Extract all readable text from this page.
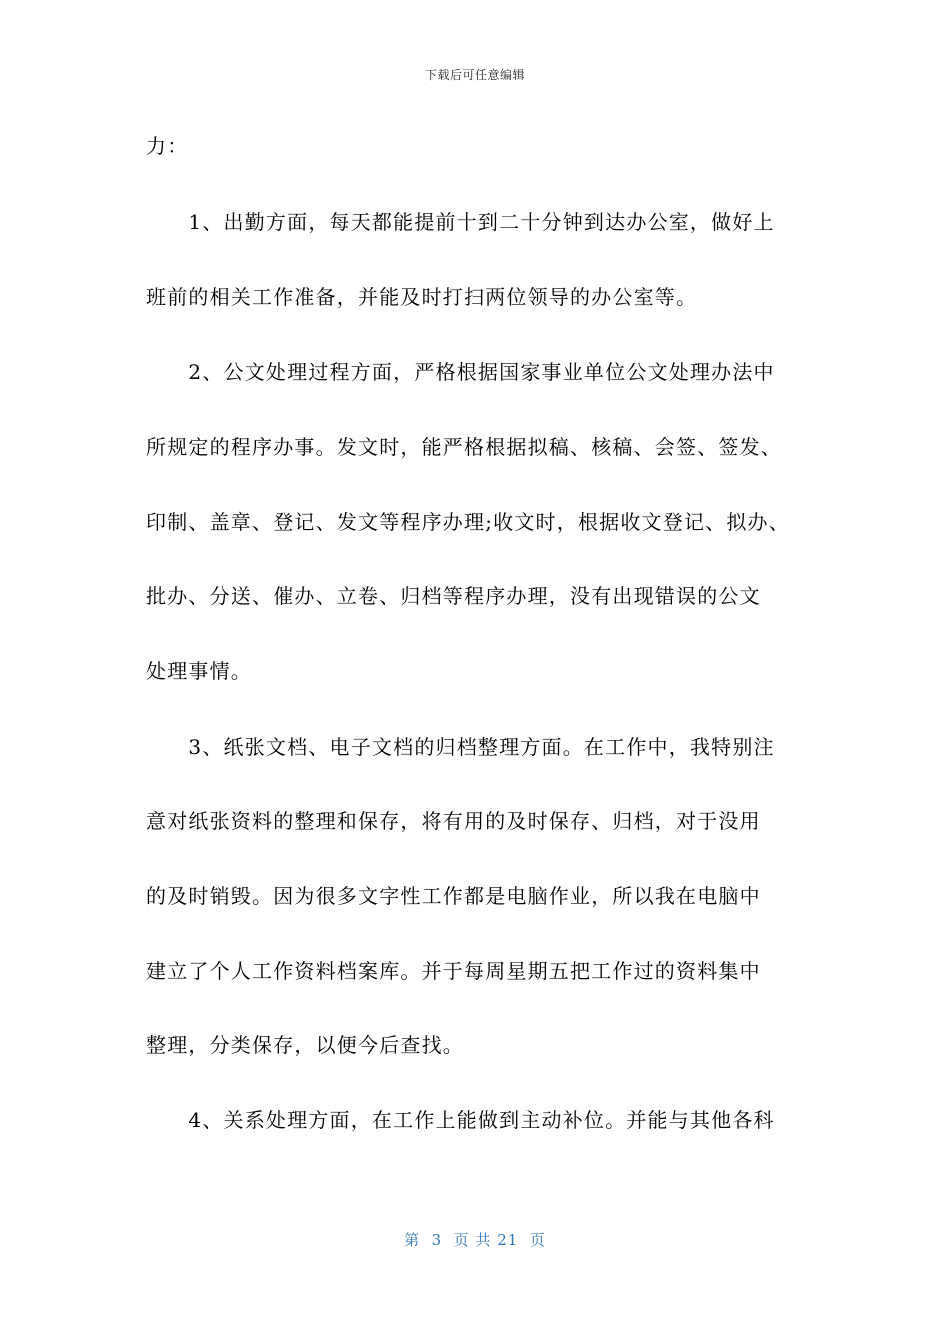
下载后可任意编辑
力：
　　1、出勤方面，每天都能提前十到二十分钟到达办公室，做好上
班前的相关工作准备，并能及时打扫两位领导的办公室等。
　　2、公文处理过程方面，严格根据国家事业单位公文处理办法中
所规定的程序办事。发文时，能严格根据拟稿、核稿、会签、签发、
印制、盖章、登记、发文等程序办理;收文时，根据收文登记、拟办、
批办、分送、催办、立卷、归档等程序办理，没有出现错误的公文
处理事情。
　　3、纸张文档、电子文档的归档整理方面。在工作中，我特别注
意对纸张资料的整理和保存，将有用的及时保存、归档，对于没用
的及时销毁。因为很多文字性工作都是电脑作业，所以我在电脑中
建立了个人工作资料档案库。并于每周星期五把工作过的资料集中
整理，分类保存，以便今后查找。
　　4、关系处理方面，在工作上能做到主动补位。并能与其他各科
第  3  页 共 21  页
